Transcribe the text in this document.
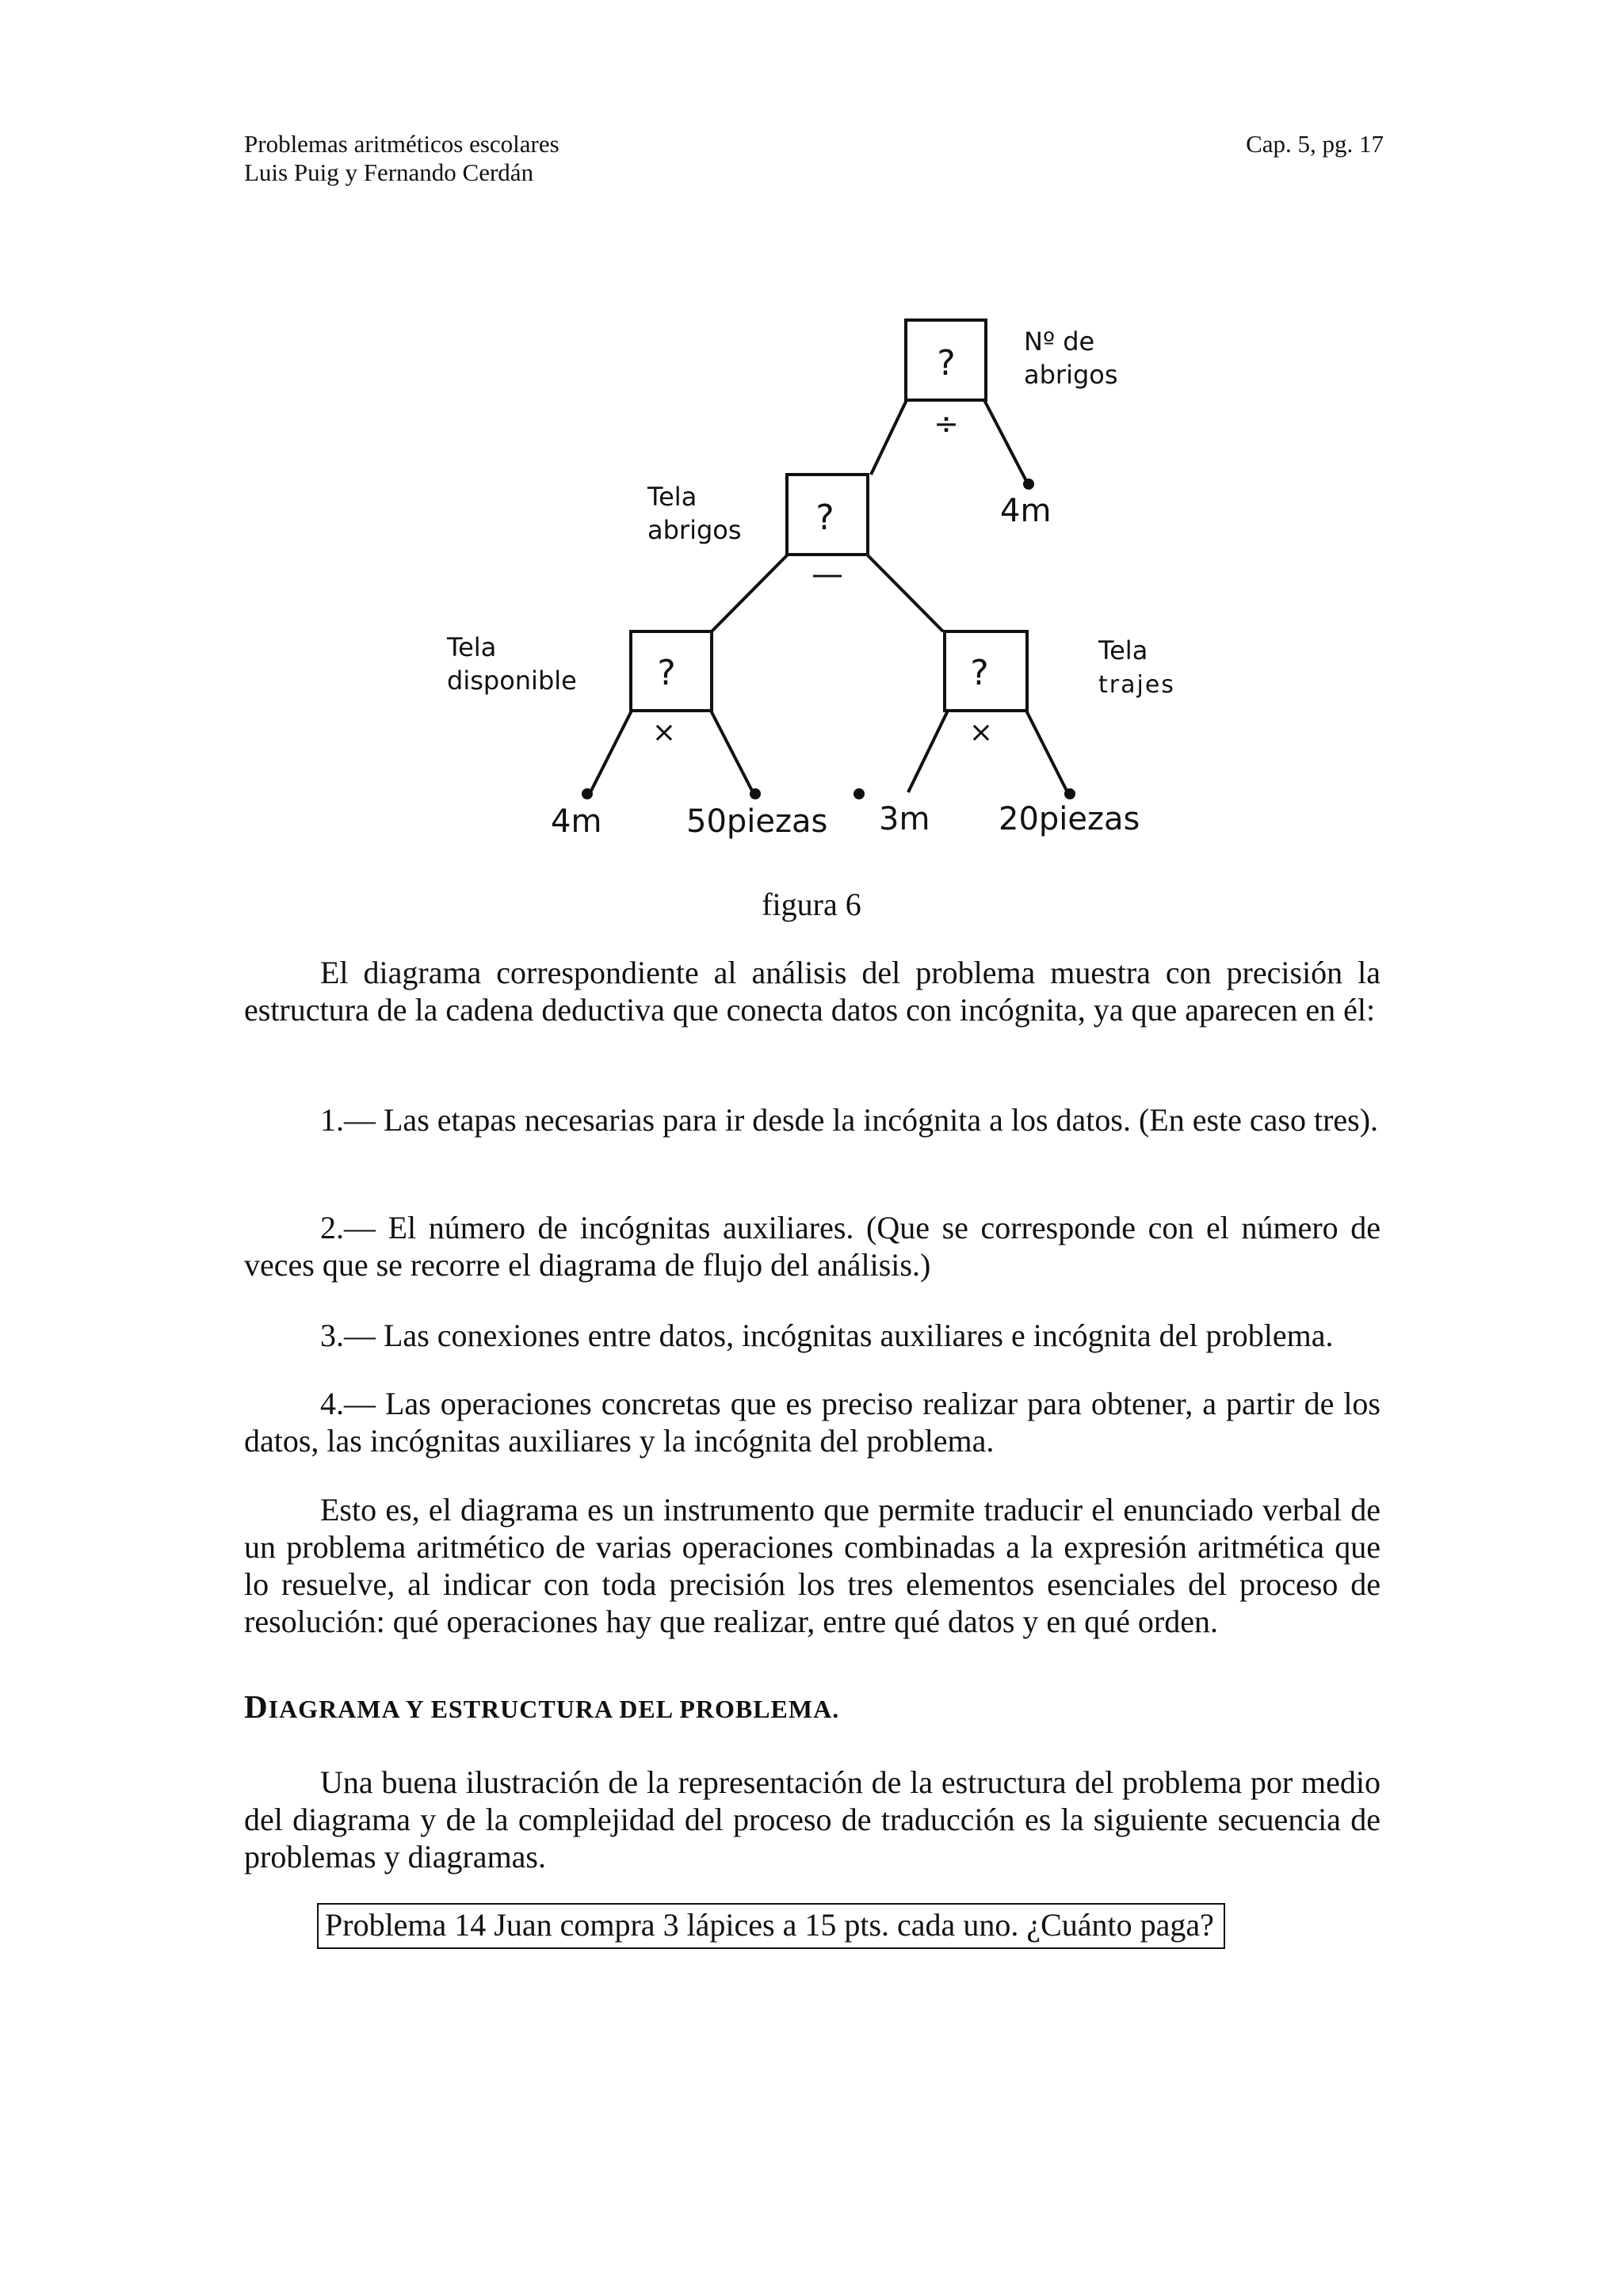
Problemas aritméticos escolares
Luis Puig y Fernando Cerdán
Cap. 5, pg. 17
?
?
?	?
÷
—
×	×
Nº de
abrigos
Tela
abrigos
Tela
disponible
Tela
trajes
4m
4m	50piezas 3m 20piezas
figura 6

El diagrama correspondiente al análisis del problema muestra con precisión la estructura de la cadena deductiva que conecta datos con incógnita, ya que aparecen en él:

1.— Las etapas necesarias para ir desde la incógnita a los datos. (En este caso tres).

2.— El número de incógnitas auxiliares. (Que se corresponde con el número de veces que se recorre el diagrama de flujo del análisis.)

3.— Las conexiones entre datos, incógnitas auxiliares e incógnita del problema.

4.— Las operaciones concretas que es preciso realizar para obtener, a partir de los datos, las incógnitas auxiliares y la incógnita del problema.

Esto es, el diagrama es un instrumento que permite traducir el enunciado verbal de un problema aritmético de varias operaciones combinadas a la expresión aritmética que lo resuelve, al indicar con toda precisión los tres elementos esenciales del proceso de resolución: qué operaciones hay que realizar, entre qué datos y en qué orden.

DIAGRAMA Y ESTRUCTURA DEL PROBLEMA.

Una buena ilustración de la representación de la estructura del problema por medio del diagrama y de la complejidad del proceso de traducción es la siguiente secuencia de problemas y diagramas.

Problema 14 Juan compra 3 lápices a 15 pts. cada uno. ¿Cuánto paga?
